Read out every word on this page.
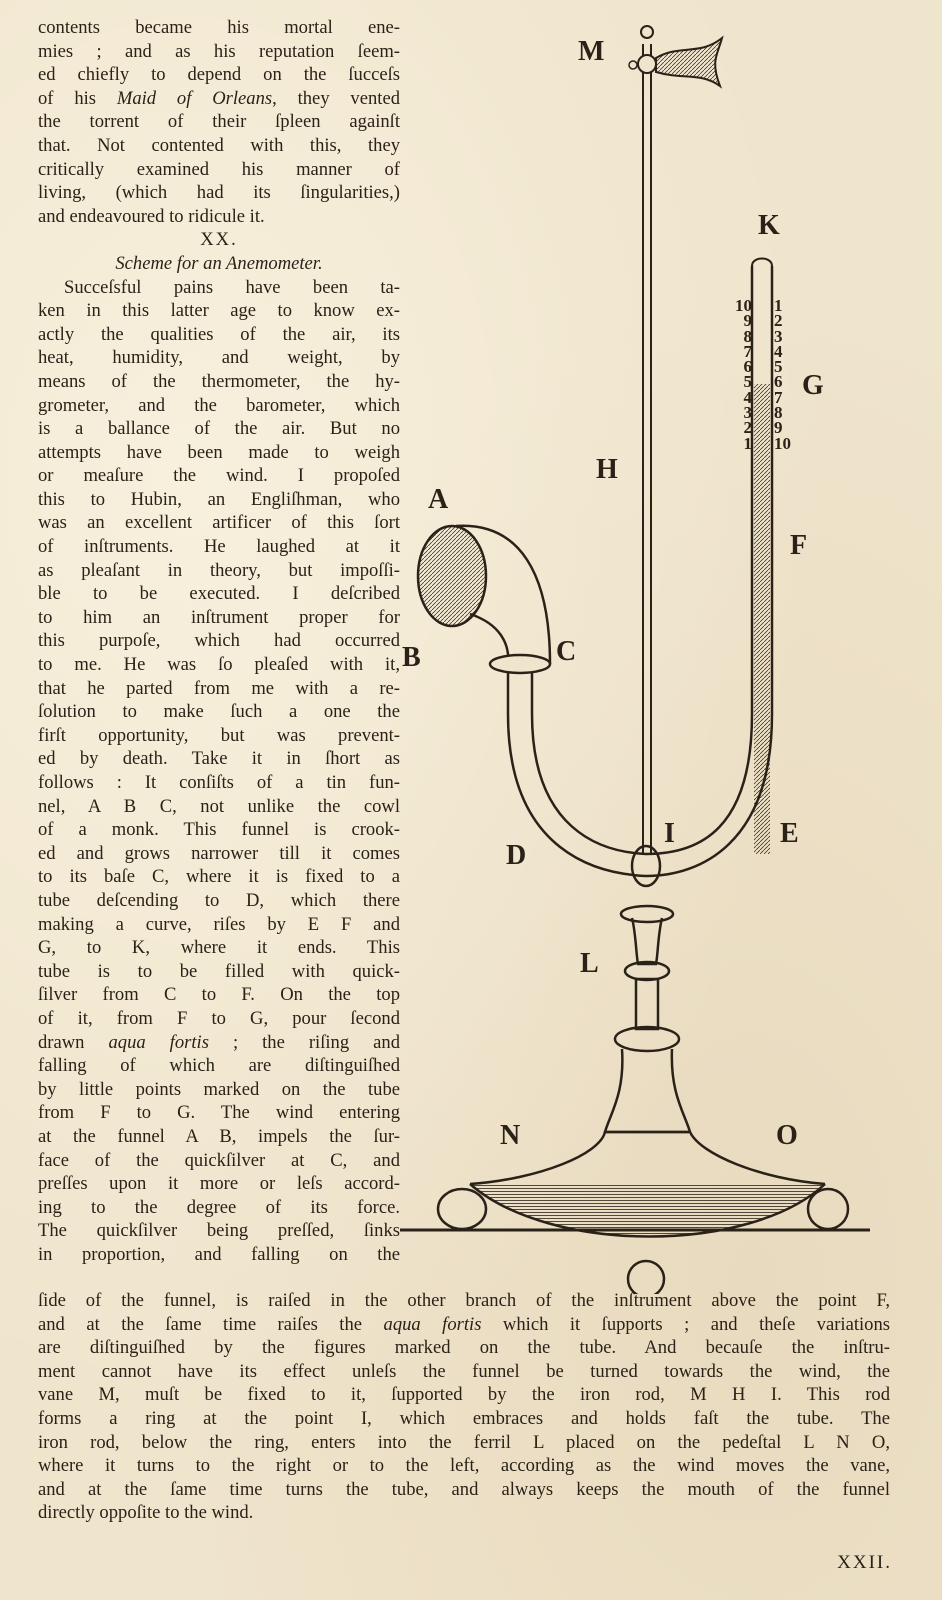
contents became his mortal ene-
mies ; and as his reputation ſeem-
ed chiefly to depend on the ſucceſs
of his Maid of Orleans, they vented
the torrent of their ſpleen againſt
that. Not contented with this, they
critically examined his manner of
living, (which had its ſingularities,)
and endeavoured to ridicule it.
XX.
Scheme for an Anemometer.
Succeſsful pains have been ta-
ken in this latter age to know ex-
actly the qualities of the air, its
heat, humidity, and weight, by
means of the thermometer, the hy-
grometer, and the barometer, which
is a ballance of the air. But no
attempts have been made to weigh
or meaſure the wind. I propoſed
this to Hubin, an Engliſhman, who
was an excellent artificer of this ſort
of inſtruments. He laughed at it
as pleaſant in theory, but impoſſi-
ble to be executed. I deſcribed
to him an inſtrument proper for
this purpoſe, which had occurred
to me. He was ſo pleaſed with it,
that he parted from me with a re-
ſolution to make ſuch a one the
firſt opportunity, but was prevent-
ed by death. Take it in ſhort as
follows : It conſiſts of a tin fun-
nel, A B C, not unlike the cowl
of a monk. This funnel is crook-
ed and grows narrower till it comes
to its baſe C, where it is fixed to a
tube deſcending to D, which there
making a curve, riſes by E F and
G, to K, where it ends. This
tube is to be filled with quick-
ſilver from C to F. On the top
of it, from F to G, pour ſecond
drawn aqua fortis ; the riſing and
falling of which are diſtinguiſhed
by little points marked on the tube
from F to G. The wind entering
at the funnel A B, impels the ſur-
face of the quickſilver at C, and
preſſes upon it more or leſs accord-
ing to the degree of its force.
The quickſilver being preſſed, ſinks
in proportion, and falling on the
M
K
G
H
A
F
B	C
I	E
D
L
N	O
10
9
8
7
6
5
4
3
2
1
1
2
3
4
5
6
7
8
9
10
ſide of the funnel, is raiſed in the other branch of the inſtrument above the point F,
and at the ſame time raiſes the aqua fortis which it ſupports ; and theſe variations
are diſtinguiſhed by the figures marked on the tube. And becauſe the inſtru-
ment cannot have its effect unleſs the funnel be turned towards the wind, the
vane M, muſt be fixed to it, ſupported by the iron rod, M H I. This rod
forms a ring at the point I, which embraces and holds faſt the tube. The
iron rod, below the ring, enters into the ferril L placed on the pedeſtal L N O,
where it turns to the right or to the left, according as the wind moves the vane,
and at the ſame time turns the tube, and always keeps the mouth of the funnel
directly oppoſite to the wind.
XXII.
